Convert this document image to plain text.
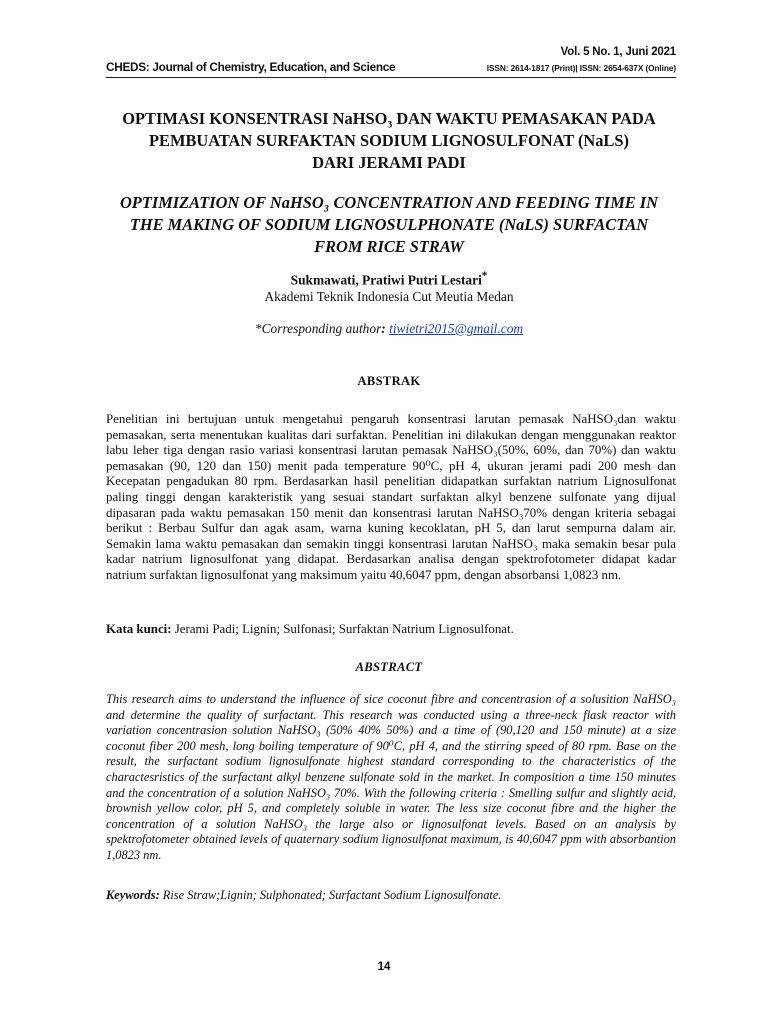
Vol. 5 No. 1, Juni 2021
ISSN: 2614-1817 (Print)| ISSN: 2654-637X (Online)
CHEDS: Journal of Chemistry, Education, and Science
OPTIMASI KONSENTRASI NaHSO₃ DAN WAKTU PEMASAKAN PADA
PEMBUATAN SURFAKTAN SODIUM LIGNOSULFONAT (NaLS)
DARI JERAMI PADI
OPTIMIZATION OF NaHSO₃ CONCENTRATION AND FEEDING TIME IN
THE MAKING OF SODIUM LIGNOSULPHONATE (NaLS) SURFACTAN
FROM RICE STRAW
Sukmawati, Pratiwi Putri Lestari*
Akademi Teknik Indonesia Cut Meutia Medan
*Corresponding author: tiwietri2015@gmail.com
ABSTRAK
Penelitian ini bertujuan untuk mengetahui pengaruh konsentrasi larutan pemasak NaHSO₃dan waktu pemasakan, serta menentukan kualitas dari surfaktan. Penelitian ini dilakukan dengan menggunakan reaktor labu leher tiga dengan rasio variasi konsentrasi larutan pemasak NaHSO₃(50%, 60%, dan 70%) dan waktu pemasakan (90, 120 dan 150) menit pada temperature 90⁰C, pH 4, ukuran jerami padi 200 mesh dan Kecepatan pengadukan 80 rpm. Berdasarkan hasil penelitian didapatkan surfaktan natrium Lignosulfonat paling tinggi dengan karakteristik yang sesuai standart surfaktan alkyl benzene sulfonate yang dijual dipasaran pada waktu pemasakan 150 menit dan konsentrasi larutan NaHSO₃70% dengan kriteria sebagai berikut : Berbau Sulfur dan agak asam, warna kuning kecoklatan, pH 5, dan larut sempurna dalam air. Semakin lama waktu pemasakan dan semakin tinggi konsentrasi larutan NaHSO₃ maka semakin besar pula kadar natrium lignosulfonat yang didapat. Berdasarkan analisa dengan spektrofotometer didapat kadar natrium surfaktan lignosulfonat yang maksimum yaitu 40,6047 ppm, dengan absorbansi 1,0823 nm.
Kata kunci: Jerami Padi; Lignin; Sulfonasi; Surfaktan Natrium Lignosulfonat.
ABSTRACT
This research aims to understand the influence of sice coconut fibre and concentrasion of a solusition NaHSO₃ and determine the quality of surfactant. This research was conducted using a three-neck flask reactor with variation concentrasion solution NaHSO₃ (50% 40% 50%) and a time of (90,120 and 150 minute) at a size coconut fiber 200 mesh, long boiling temperature of 90⁰C, pH 4, and the stirring speed of 80 rpm. Base on the result, the surfactant sodium lignosulfonate highest standard corresponding to the characteristics of the charactesristics of the surfactant alkyl benzene sulfonate sold in the market. In composition a time 150 minutes and the concentration of a solution NaHSO₃ 70%. With the following criteria : Smelling sulfur and slightly acid, brownish yellow color, pH 5, and completely soluble in water. The less size coconut fibre and the higher the concentration of a solution NaHSO₃ the large also or lignosulfonat levels. Based on an analysis by spektrofotometer obtained levels of quaternary sodium lignosulfonat maximum, is 40,6047 ppm with absorbantion 1,0823 nm.
Keywords: Rise Straw;Lignin; Sulphonated; Surfactant Sodium Lignosulfonate.
14
